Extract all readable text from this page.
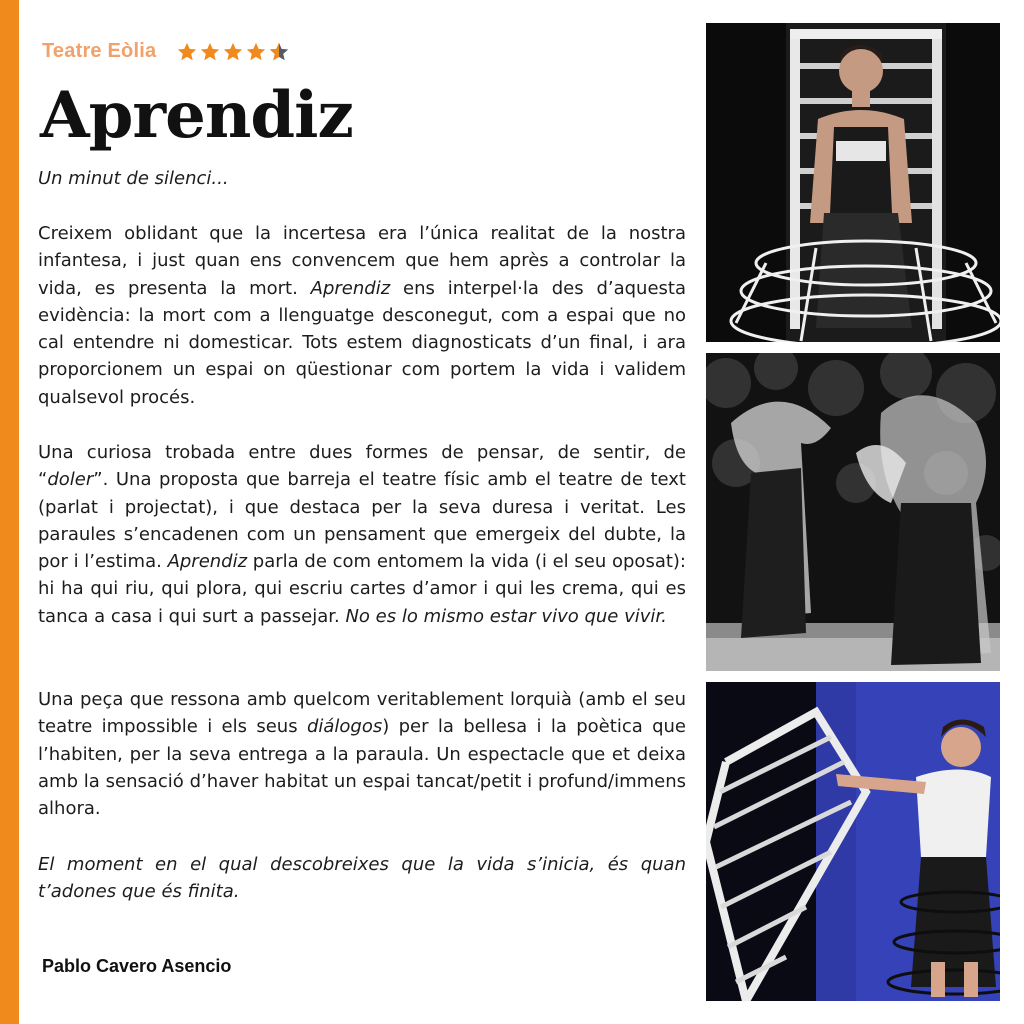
Teatre Eòlia
Aprendiz
Un minut de silenci...
Creixem oblidant que la incertesa era l’única realitat de la nostra infantesa, i just quan ens convencem que hem après a controlar la vida, es presenta la mort. Aprendiz ens interpel·la des d’aquesta evidència: la mort com a llenguatge desconegut, com a espai que no cal entendre ni domesticar. Tots estem diagnosticats d’un final, i ara proporcionem un espai on qüestionar com portem la vida i validem qualsevol procés.
Una curiosa trobada entre dues formes de pensar, de sentir, de “doler”. Una proposta que barreja el teatre físic amb el teatre de text (parlat i projectat), i que destaca per la seva duresa i veritat. Les paraules s’encadenen com un pensament que emergeix del dubte, la por i l’estima. Aprendiz parla de com entomem la vida (i el seu oposat): hi ha qui riu, qui plora, qui escriu cartes d’amor i qui les crema, qui es tanca a casa i qui surt a passejar. No es lo mismo estar vivo que vivir.
Una peça que ressona amb quelcom veritablement lorquià (amb el seu teatre impossible i els seus diálogos) per la bellesa i la poètica que l’habiten, per la seva entrega a la paraula. Un espectacle que et deixa amb la sensació d’haver habitat un espai tancat/petit i profund/immens alhora.
El moment en el qual descobreixes que la vida s’inicia, és quan t’adones que és finita.
Pablo Cavero Asencio
